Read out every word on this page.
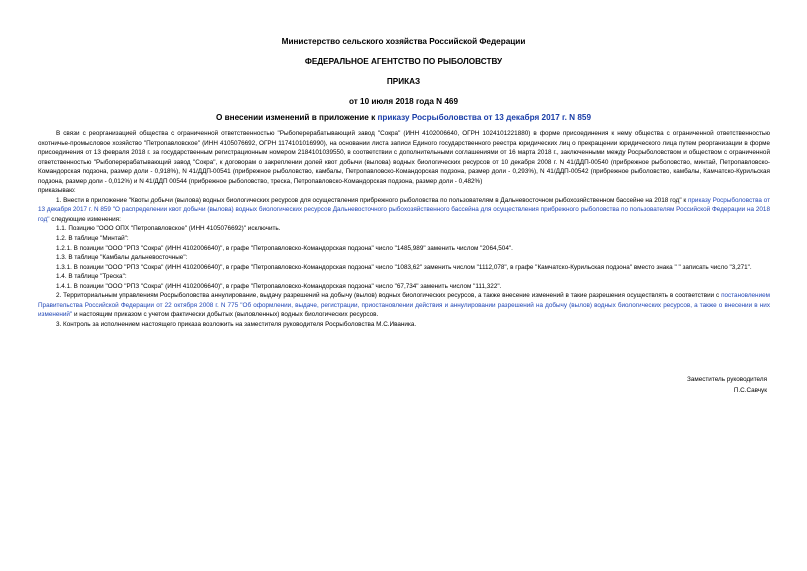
Министерство сельского хозяйства Российской Федерации
ФЕДЕРАЛЬНОЕ АГЕНТСТВО ПО РЫБОЛОВСТВУ
ПРИКАЗ
от 10 июля 2018 года N 469
О внесении изменений в приложение к приказу Росрыболовства от 13 декабря 2017 г. N 859

В связи с реорганизацией общества с ограниченной ответственностью "Рыбоперерабатывающий завод "Сокра" (ИНН 4102006640, ОГРН 1024101221880) в форме присоединения к нему общества с ограниченной ответственностью охотничье-промысловое хозяйство "Петропавловское" (ИНН 4105076692, ОГРН 1174101016990), на основании листа записи Единого государственного реестра юридических лиц о прекращении юридического лица путем реорганизации в форме присоединения от 13 февраля 2018 г. за государственным регистрационным номером 2184101039550, в соответствии с дополнительными соглашениями от 16 марта 2018 г., заключенными между Росрыболовством и обществом с ограниченной ответственностью "Рыбоперерабатывающий завод "Сокра", к договорам о закреплении долей квот добычи (вылова) водных биологических ресурсов от 10 декабря 2008 г. N 41/ДДП-00540 (прибрежное рыболовство, минтай, Петропавловско-Командорская подзона, размер доли - 0,918%), N 41/ДДП-00541 (прибрежное рыболовство, камбалы, Петропавловско-Командорская подзона, размер доли - 0,293%), N 41/ДДП-00542 (прибрежное рыболовство, камбалы, Камчатско-Курильская подзона, размер доли - 0,012%) и N 41/ДДП 00544 (прибрежное рыболовство, треска, Петропавловско-Командорская подзона, размер доли - 0,482%)

приказываю:

1. Внести в приложение "Квоты добычи (вылова) водных биологических ресурсов для осуществления прибрежного рыболовства по пользователям в Дальневосточном рыбохозяйственном бассейне на 2018 год" к приказу Росрыболовства от 13 декабря 2017 г. N 859 "О распределении квот добычи (вылова) водных биологических ресурсов Дальневосточного рыбохозяйственного бассейна для осуществления прибрежного рыболовства по пользователям Российской Федерации на 2018 год" следующие изменения:

1.1. Позицию "ООО ОПХ "Петропавловское" (ИНН 4105076692)" исключить.

1.2. В таблице "Минтай":

1.2.1. В позиции "ООО "РПЗ "Сокра" (ИНН 4102006640)", в графе "Петропавловско-Командорская подзона" число "1485,989" заменить числом "2064,504".

1.3. В таблице "Камбалы дальневосточные":

1.3.1. В позиции "ООО "РПЗ "Сокра" (ИНН 4102006640)", в графе "Петропавловско-Командорская подзона" число "1083,62" заменить числом "1112,078", в графе "Камчатско-Курильская подзона" вместо знака " " записать число "3,271".

1.4. В таблице "Треска":

1.4.1. В позиции "ООО "РПЗ "Сокра" (ИНН 4102006640)", в графе "Петропавловско-Командорская подзона" число "67,734" заменить числом "111,322".

2. Территориальным управлениям Росрыболовства аннулирование, выдачу разрешений на добычу (вылов) водных биологических ресурсов, а также внесение изменений в такие разрешения осуществлять в соответствии с постановлением Правительства Российской Федерации от 22 октября 2008 г. N 775 "Об оформлении, выдаче, регистрации, приостановлении действия и аннулировании разрешений на добычу (вылов) водных биологических ресурсов, а также о внесении в них изменений" и настоящим приказом с учетом фактически добытых (выловленных) водных биологических ресурсов.

3. Контроль за исполнением настоящего приказа возложить на заместителя руководителя Росрыболовства М.С.Иваника.

Заместитель руководителя
П.С.Савчук
